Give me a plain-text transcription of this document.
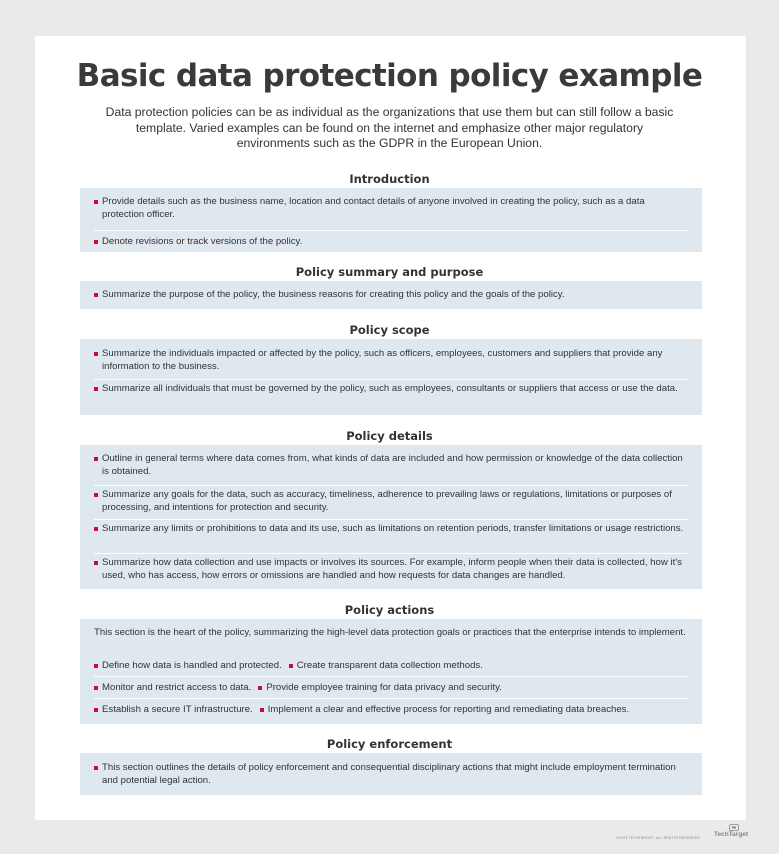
Basic data protection policy example

Data protection policies can be as individual as the organizations that use them but can still follow a basic template. Varied examples can be found on the internet and emphasize other major regulatory environments such as the GDPR in the European Union.

Introduction
Provide details such as the business name, location and contact details of anyone involved in creating the policy, such as a data protection officer.
Denote revisions or track versions of the policy.
Policy summary and purpose
Summarize the purpose of the policy, the business reasons for creating this policy and the goals of the policy.
Policy scope
Summarize the individuals impacted or affected by the policy, such as officers, employees, customers and suppliers that provide any information to the business.
Summarize all individuals that must be governed by the policy, such as employees, consultants or suppliers that access or use the data.
Policy details
Outline in general terms where data comes from, what kinds of data are included and how permission or knowledge of the data collection is obtained.
Summarize any goals for the data, such as accuracy, timeliness, adherence to prevailing laws or regulations, limitations or purposes of processing, and intentions for protection and security.
Summarize any limits or prohibitions to data and its use, such as limitations on retention periods, transfer limitations or usage restrictions.
Summarize how data collection and use impacts or involves its sources. For example, inform people when their data is collected, how it's used, who has access, how errors or omissions are handled and how requests for data changes are handled.
Policy actions
This section is the heart of the policy, summarizing the high-level data protection goals or practices that the enterprise intends to implement.
Define how data is handled and protected.	Create transparent data collection methods.
Monitor and restrict access to data.	Provide employee training for data privacy and security.
Establish a secure IT infrastructure.	Implement a clear and effective process for reporting and remediating data breaches.
Policy enforcement
This section outlines the details of policy enforcement and consequential disciplinary actions that might include employment termination and potential legal action.
©2023 TECHTARGET. ALL RIGHTS RESERVED TechTarget
